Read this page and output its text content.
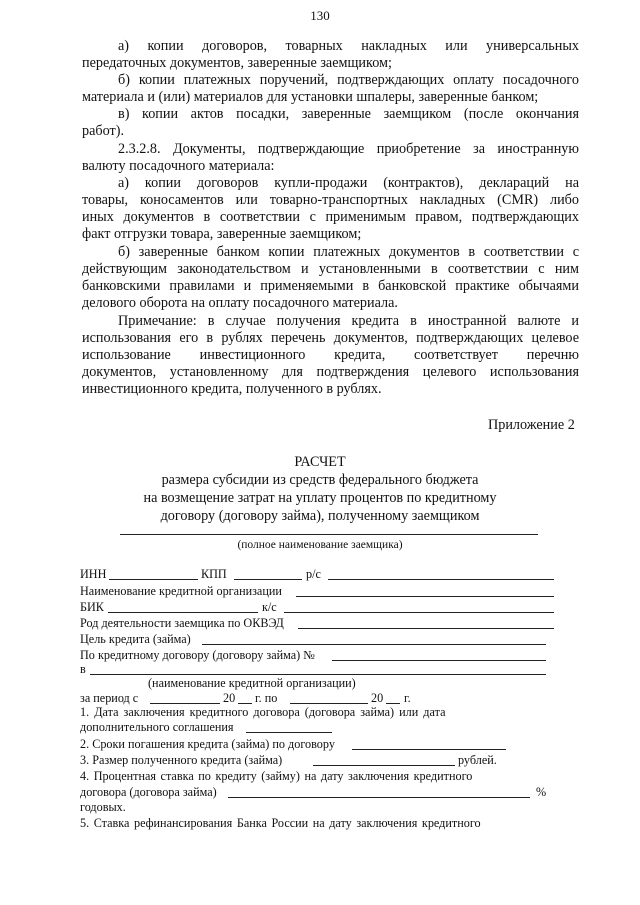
130
а) копии договоров, товарных накладных или универсальных
передаточных документов, заверенные заемщиком;
б) копии платежных поручений, подтверждающих оплату посадочного
материала и (или) материалов для установки шпалеры, заверенные банком;
в) копии актов посадки, заверенные заемщиком (после окончания
работ).
2.3.2.8. Документы, подтверждающие приобретение за иностранную
валюту посадочного материала:
а) копии договоров купли-продажи (контрактов), деклараций на
товары, коносаментов или товарно-транспортных накладных (CMR) либо
иных документов в соответствии с применимым правом, подтверждающих
факт отгрузки товара, заверенные заемщиком;
б) заверенные банком копии платежных документов в соответствии с
действующим законодательством и установленными в соответствии с ним
банковскими правилами и применяемыми в банковской практике обычаями
делового оборота на оплату посадочного материала.
Примечание: в случае получения кредита в иностранной валюте и
использования его в рублях перечень документов, подтверждающих целевое
использование инвестиционного кредита, соответствует перечню
документов, установленному для подтверждения целевого использования
инвестиционного кредита, полученного в рублях.
Приложение 2
РАСЧЕТ
размера субсидии из средств федерального бюджета
на возмещение затрат на уплату процентов по кредитному
договору (договору займа), полученному заемщиком
(полное наименование заемщика)
ИНН	КПП	р/с
Наименование кредитной организации
БИК	к/с
Род деятельности заемщика по ОКВЭД
Цель кредита (займа)
По кредитному договору (договору займа) №
в
(наименование кредитной организации)
за период с	20 г. по	20 г.
1. Дата заключения кредитного договора (договора займа) или дата
дополнительного соглашения
2. Сроки погашения кредита (займа) по договору
3. Размер полученного кредита (займа)	рублей.
4. Процентная ставка по кредиту (займу) на дату заключения кредитного
договора (договора займа)	%
годовых.
5. Ставка рефинансирования Банка России на дату заключения кредитного
